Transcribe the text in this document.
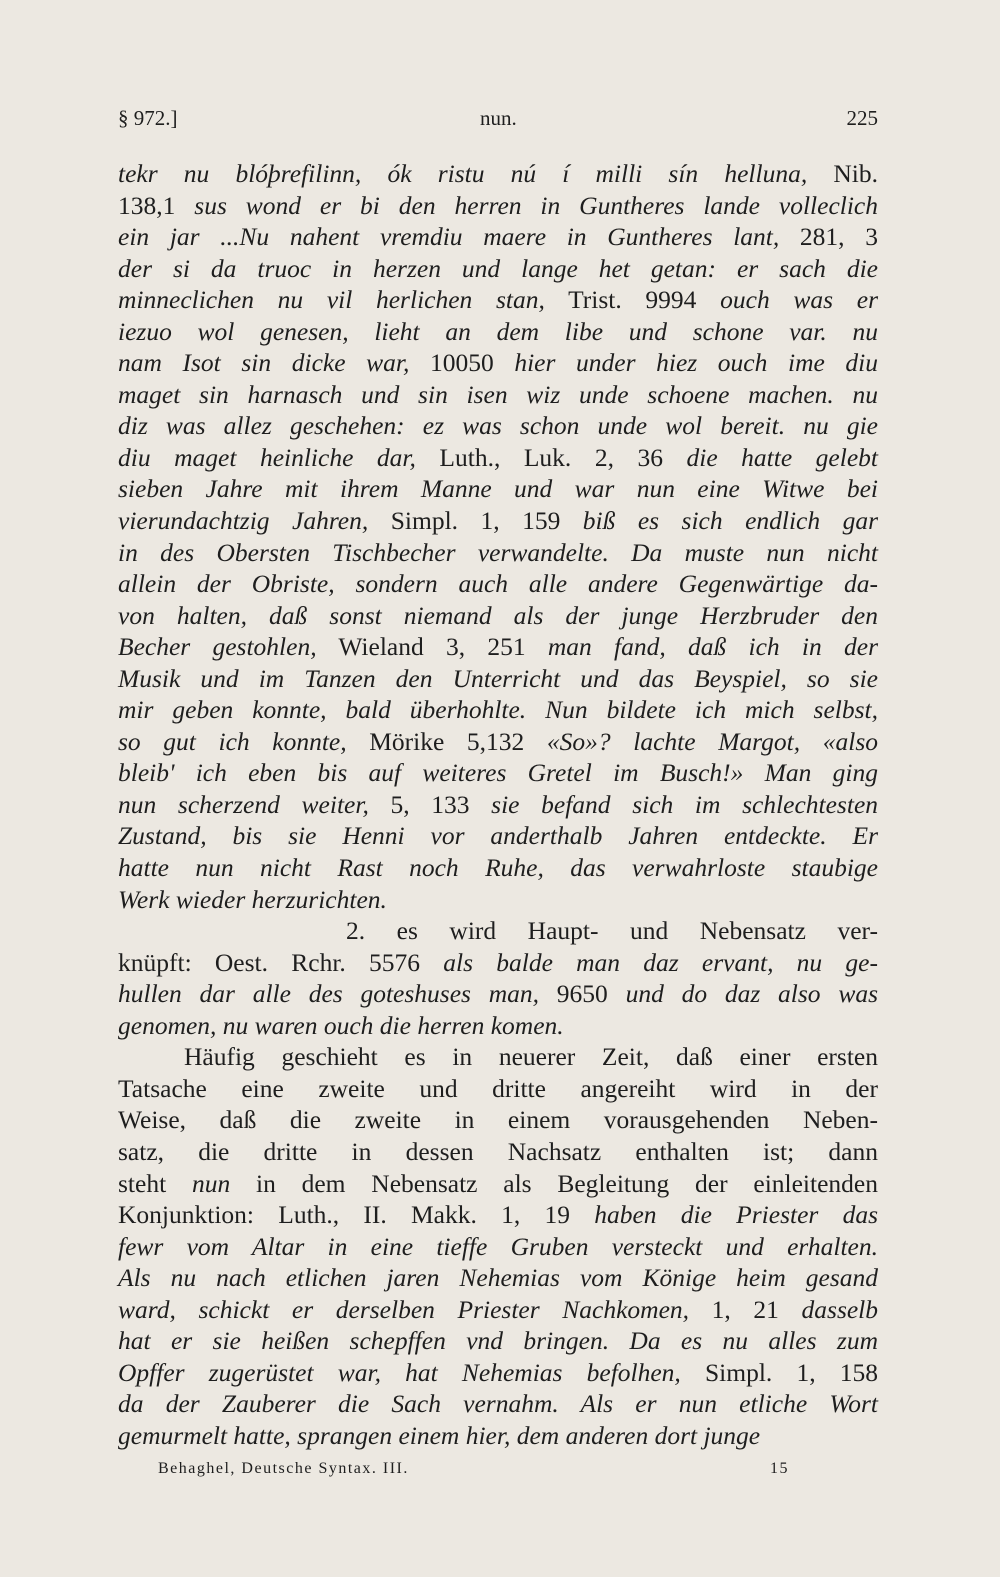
§ 972.]	nun.	225
tekr nu blóþrefilinn, ók ristu nú í milli sín helluna, Nib.
138,1 sus wond er bi den herren in Guntheres lande volleclich
ein jar ...Nu nahent vremdiu maere in Guntheres lant, 281, 3
der si da truoc in herzen und lange het getan: er sach die
minneclichen nu vil herlichen stan, Trist. 9994 ouch was er
iezuo wol genesen, lieht an dem libe und schone var. nu
nam Isot sin dicke war, 10050 hier under hiez ouch ime diu
maget sin harnasch und sin isen wiz unde schoene machen. nu
diz was allez geschehen: ez was schon unde wol bereit. nu gie
diu maget heinliche dar, Luth., Luk. 2, 36 die hatte gelebt
sieben Jahre mit ihrem Manne und war nun eine Witwe bei
vierundachtzig Jahren, Simpl. 1, 159 biß es sich endlich gar
in des Obersten Tischbecher verwandelte. Da muste nun nicht
allein der Obriste, sondern auch alle andere Gegenwärtige da-
von halten, daß sonst niemand als der junge Herzbruder den
Becher gestohlen, Wieland 3, 251 man fand, daß ich in der
Musik und im Tanzen den Unterricht und das Beyspiel, so sie
mir geben konnte, bald überhohlte. Nun bildete ich mich selbst,
so gut ich konnte, Mörike 5,132 «So»? lachte Margot, «also
bleib' ich eben bis auf weiteres Gretel im Busch!» Man ging
nun scherzend weiter, 5, 133 sie befand sich im schlechtesten
Zustand, bis sie Henni vor anderthalb Jahren entdeckte. Er
hatte nun nicht Rast noch Ruhe, das verwahrloste staubige
Werk wieder herzurichten.
2. es wird Haupt- und Nebensatz ver-
knüpft: Oest. Rchr. 5576 als balde man daz ervant, nu ge-
hullen dar alle des goteshuses man, 9650 und do daz also was
genomen, nu waren ouch die herren komen.
Häufig geschieht es in neuerer Zeit, daß einer ersten
Tatsache eine zweite und dritte angereiht wird in der
Weise, daß die zweite in einem vorausgehenden Neben-
satz, die dritte in dessen Nachsatz enthalten ist; dann
steht nun in dem Nebensatz als Begleitung der einleitenden
Konjunktion: Luth., II. Makk. 1, 19 haben die Priester das
fewr vom Altar in eine tieffe Gruben versteckt und erhalten.
Als nu nach etlichen jaren Nehemias vom Könige heim gesand
ward, schickt er derselben Priester Nachkomen, 1, 21 dasselb
hat er sie heißen schepffen vnd bringen. Da es nu alles zum
Opffer zugerüstet war, hat Nehemias befolhen, Simpl. 1, 158
da der Zauberer die Sach vernahm. Als er nun etliche Wort
gemurmelt hatte, sprangen einem hier, dem anderen dort junge
Behaghel, Deutsche Syntax. III.	15
